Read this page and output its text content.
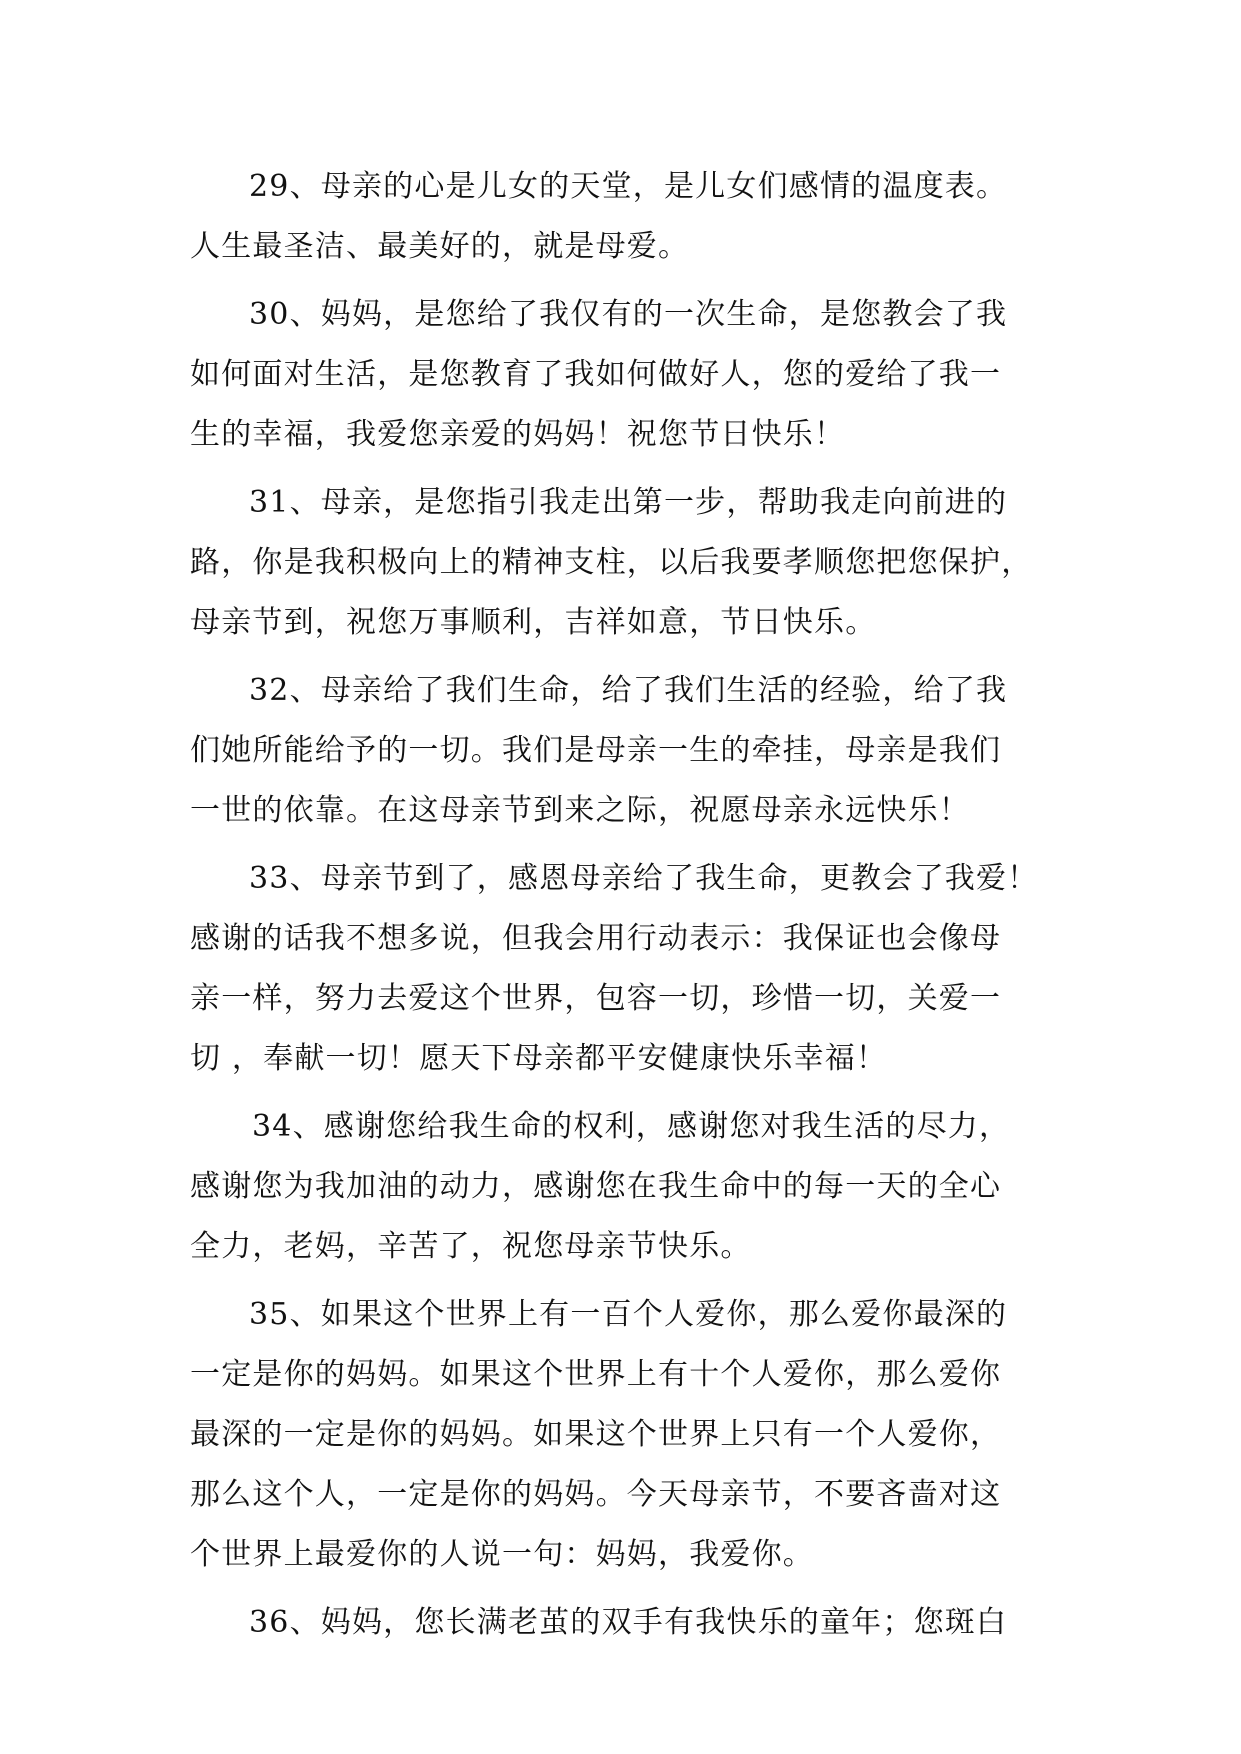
29、母亲的心是儿女的天堂，是儿女们感情的温度表。
人生最圣洁、最美好的，就是母爱。
30、妈妈，是您给了我仅有的一次生命，是您教会了我
如何面对生活，是您教育了我如何做好人，您的爱给了我一
生的幸福，我爱您亲爱的妈妈！祝您节日快乐！
31、母亲，是您指引我走出第一步，帮助我走向前进的
路，你是我积极向上的精神支柱，以后我要孝顺您把您保护，
母亲节到，祝您万事顺利，吉祥如意，节日快乐。
32、母亲给了我们生命，给了我们生活的经验，给了我
们她所能给予的一切。我们是母亲一生的牵挂，母亲是我们
一世的依靠。在这母亲节到来之际，祝愿母亲永远快乐！
33、母亲节到了，感恩母亲给了我生命，更教会了我爱！
感谢的话我不想多说，但我会用行动表示：我保证也会像母
亲一样，努力去爱这个世界，包容一切，珍惜一切，关爱一
切 ，奉献一切！愿天下母亲都平安健康快乐幸福！
34、感谢您给我生命的权利，感谢您对我生活的尽力，
感谢您为我加油的动力，感谢您在我生命中的每一天的全心
全力，老妈，辛苦了，祝您母亲节快乐。
35、如果这个世界上有一百个人爱你，那么爱你最深的
一定是你的妈妈。如果这个世界上有十个人爱你，那么爱你
最深的一定是你的妈妈。如果这个世界上只有一个人爱你，
那么这个人，一定是你的妈妈。今天母亲节，不要吝啬对这
个世界上最爱你的人说一句：妈妈，我爱你。
36、妈妈，您长满老茧的双手有我快乐的童年；您斑白
